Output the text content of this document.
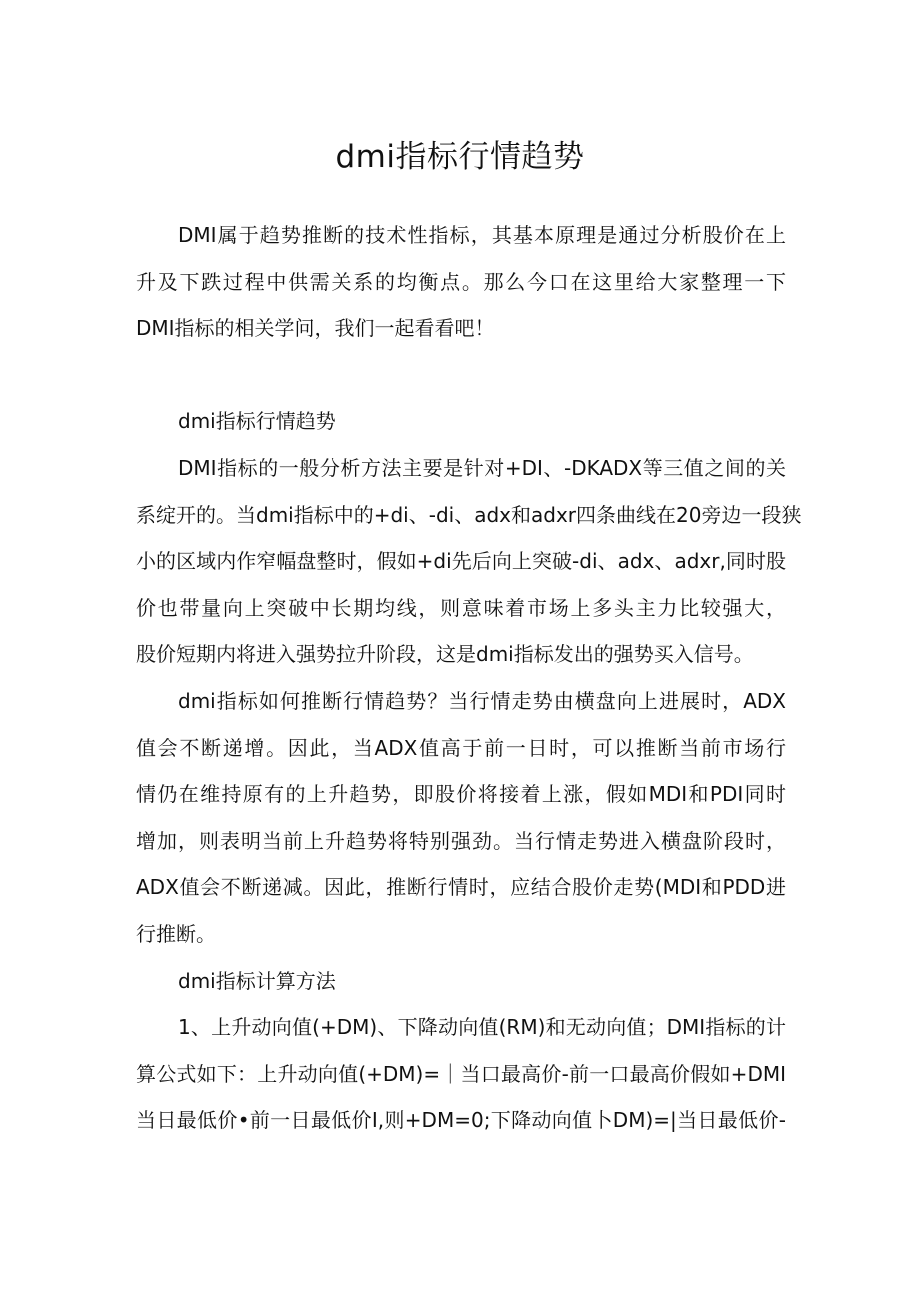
dmi指标行情趋势
DMI属于趋势推断的技术性指标，其基本原理是通过分析股价在上
升及下跌过程中供需关系的均衡点。那么今口在这里给大家整理一下
DMI指标的相关学问，我们一起看看吧！
dmi指标行情趋势
DMI指标的一般分析方法主要是针对+DI、-DKADX等三值之间的关
系绽开的。当dmi指标中的+di、-di、adx和adxr四条曲线在20旁边一段狭
小的区域内作窄幅盘整时，假如+di先后向上突破-di、adx、adxr,同时股
价也带量向上突破中长期均线，则意味着市场上多头主力比较强大，
股价短期内将进入强势拉升阶段，这是dmi指标发出的强势买入信号。
dmi指标如何推断行情趋势？当行情走势由横盘向上进展时，ADX
值会不断递增。因此，当ADX值高于前一日时，可以推断当前市场行
情仍在维持原有的上升趋势，即股价将接着上涨，假如MDI和PDI同时
增加，则表明当前上升趋势将特别强劲。当行情走势进入横盘阶段时，
ADX值会不断递减。因此，推断行情时，应结合股价走势(MDI和PDD进
行推断。
dmi指标计算方法
1、上升动向值(+DM)、下降动向值(RM)和无动向值；DMI指标的计
算公式如下：上升动向值(+DM)=｜当口最高价-前一口最高价假如+DMI
当日最低价•前一日最低价I,则+DM=0;下降动向值卜DM)=|当日最低价-
